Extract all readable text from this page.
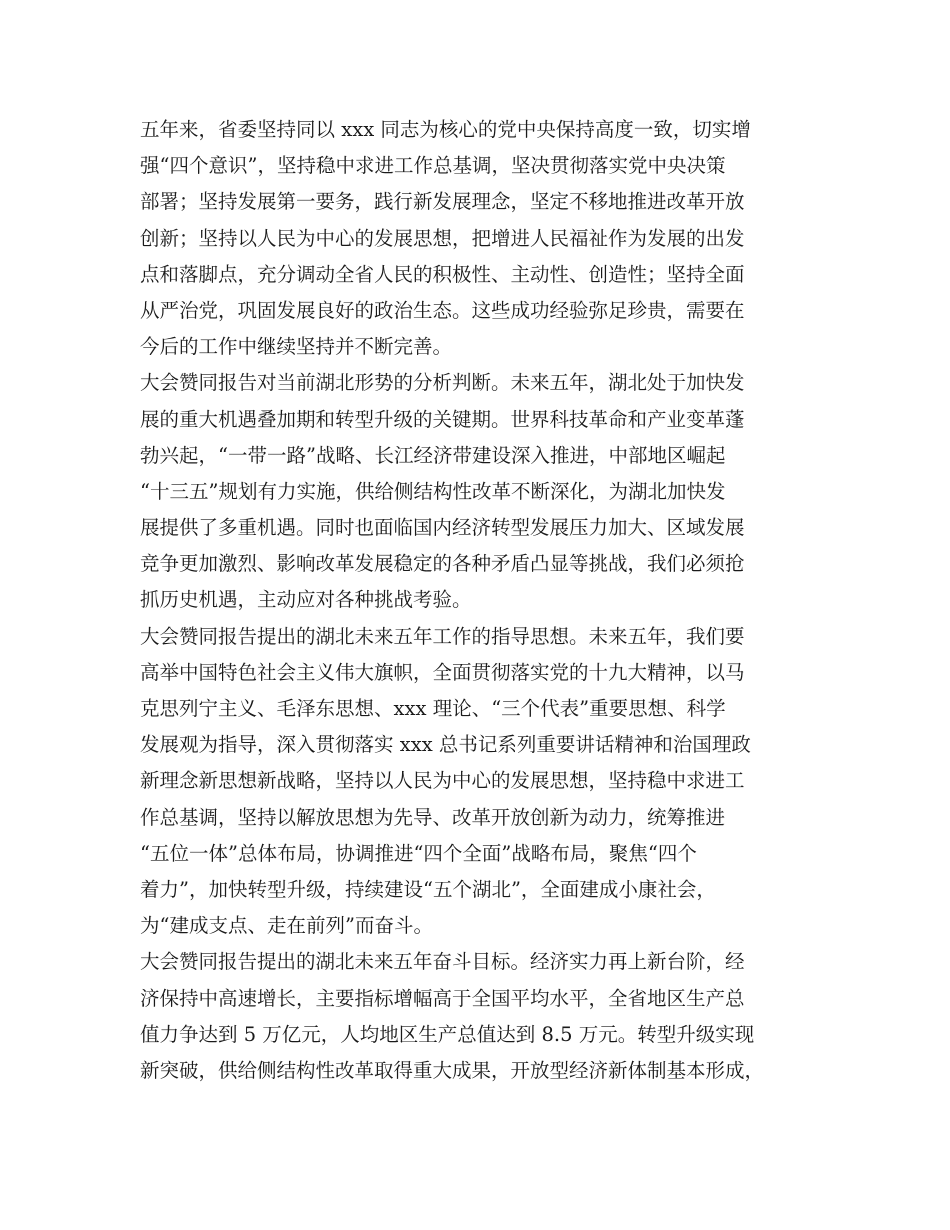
五年来，省委坚持同以 xxx 同志为核心的党中央保持高度一致，切实增
强“四个意识”，坚持稳中求进工作总基调，坚决贯彻落实党中央决策
部署；坚持发展第一要务，践行新发展理念，坚定不移地推进改革开放
创新；坚持以人民为中心的发展思想，把增进人民福祉作为发展的出发
点和落脚点，充分调动全省人民的积极性、主动性、创造性；坚持全面
从严治党，巩固发展良好的政治生态。这些成功经验弥足珍贵，需要在
今后的工作中继续坚持并不断完善。
大会赞同报告对当前湖北形势的分析判断。未来五年，湖北处于加快发
展的重大机遇叠加期和转型升级的关键期。世界科技革命和产业变革蓬
勃兴起，“一带一路”战略、长江经济带建设深入推进，中部地区崛起
“十三五”规划有力实施，供给侧结构性改革不断深化，为湖北加快发
展提供了多重机遇。同时也面临国内经济转型发展压力加大、区域发展
竞争更加激烈、影响改革发展稳定的各种矛盾凸显等挑战，我们必须抢
抓历史机遇，主动应对各种挑战考验。
大会赞同报告提出的湖北未来五年工作的指导思想。未来五年，我们要
高举中国特色社会主义伟大旗帜，全面贯彻落实党的十九大精神，以马
克思列宁主义、毛泽东思想、xxx 理论、“三个代表”重要思想、科学
发展观为指导，深入贯彻落实 xxx 总书记系列重要讲话精神和治国理政
新理念新思想新战略，坚持以人民为中心的发展思想，坚持稳中求进工
作总基调，坚持以解放思想为先导、改革开放创新为动力，统筹推进
“五位一体”总体布局，协调推进“四个全面”战略布局，聚焦“四个
着力”，加快转型升级，持续建设“五个湖北”，全面建成小康社会，
为“建成支点、走在前列”而奋斗。
大会赞同报告提出的湖北未来五年奋斗目标。经济实力再上新台阶，经
济保持中高速增长，主要指标增幅高于全国平均水平，全省地区生产总
值力争达到 5 万亿元，人均地区生产总值达到 8.5 万元。转型升级实现
新突破，供给侧结构性改革取得重大成果，开放型经济新体制基本形成，
